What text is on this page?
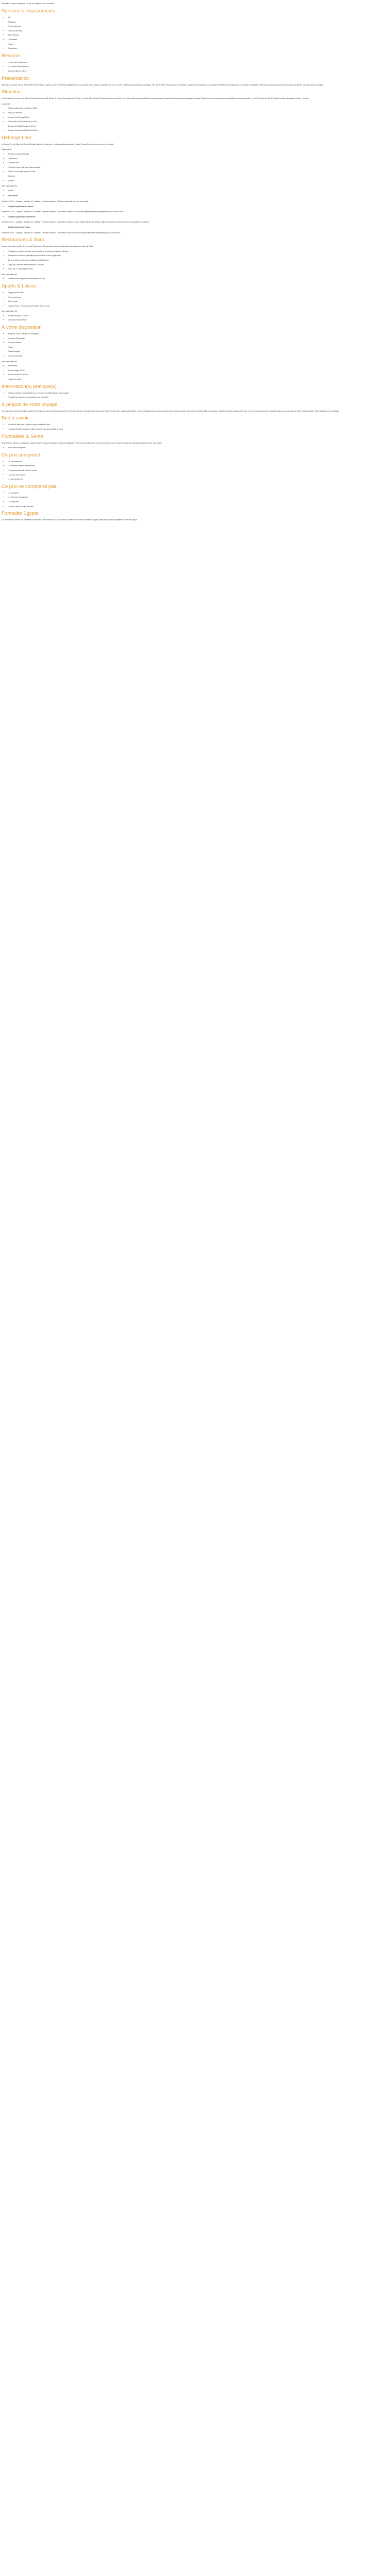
Description Ce prix comprend : Ce prix ne comprend pas Formalités

Services et équipements
• Wifi
• Restaurant
• Piscine extérieure
• Centre de bien-être
• Salle de fitness
• Club enfants
• Parking
• Climatisation
Résumé
• Le belle plus les extérieurs
• Les services haut de gamme
• Séjourner dans un hôtel 5*
Présentation

Bienvenue au Double Tree by Hilton Hotel Ras Al Khaimah ! Niché au cœur des Émirats, l'établissement vous accueille pour un séjour de luxe face à la mer. Cet hôtel 5 étoiles jouit d'une situation privilégiée entre mer et désert. Vous profiterez de chambres spacieuses et lumineuses, de restaurants raffinés et d'une plage privée. Le Double Tree by Hilton Hotel Ras Al Khaimah saura répondre à toutes vos attentes pour des vacances réussies.

Situation

L'hôtel est situé en bord de mer à Ras Al Khaimah, à environ 45 minutes de l'aéroport international de Dubaï. Le centre-ville de Ras Al Khaimah se trouve à proximité. Les environs offrent des possibilités d'excursions dans le désert et de découverte des montagnes de Hajar. Des centres commerciaux et des souks traditionnels sont accessibles en taxi. L'aéroport de Ras Al Khaimah se trouve à quelques minutes en voiture.

À proximité :

• Plage de sable privée (à partir de l'hôtel)
• Mall (à 10 minutes)
• Al Hamra Golf Club (à 15 km)
• Centre-ville de Ras Al Khaimah (à 5 km)
• Aéroport de Ras Al Khaimah (à 20 km)
• Aéroport international de Dubaï (à 80 km)
Hébergement

Le Double Tree by Hilton Hotel Ras Al Khaimah dispose de chambres et suites spacieuses au décor élégant. Toutes offrent une vue sur la mer ou le jardin.

Équipements :

• Terrasse ou balcon aménagé
• Climatisation
• Connexion Wifi
• Télévision à écran plat avec chaînes satellite
• Plateau de courtoisie avec thé et café
• Coffre-fort
• Mini-bar

Avec participation (€) :

• Minibar
• Guest Room

Superficie : 37 m² - Capacité : 3 adultes ou 2 adultes + 2 enfants maximum. Chambre confortable avec vue sur le jardin.

• Chambre Supérieure Vue Piscine

Superficie : 37 m² - Capacité : 3 adultes ou 2 adultes + 2 enfants maximum. La Chambre Supérieure Vue Piscine dispose des mêmes équipements que la Guest Room.

• Chambre Supérieure Accès Piscine

Superficie : 37 m² - Capacité : 3 adultes ou 2 adultes + 2 enfants maximum. La Chambre Supérieure Accès Piscine dispose des mêmes équipements que la Guest Room avec un accès direct à la piscine.

• Chambre Deluxe Vue Piscine

Superficie : 52 m² - Capacité : 3 adultes ou 2 adultes + 2 enfants maximum. La Chambre Deluxe Vue Piscine dispose des mêmes équipements que la Guest Room.

Restaurants & Bars

Lors de votre séjour, profitez de la formule Tout compris. Découvrez les saveurs variées dans les restaurants et bars de l'hôtel.

• Petit déjeuner, déjeuner et dîner servis sous forme de buffet au restaurant principal.
• Restaurant à la carte de spécialités (sur réservation et avec supplément).
• Bar de la piscine : boissons et collations toute la journée.
• Lobby Bar : boissons rafraîchissantes et cocktails.
• Snack-bar : en-cas salés et sucrés.

Avec participation (€) :

• Certaines boissons premium et restaurant à la carte
Sports & Loisirs
• Plage privée de sable
• Piscine extérieure
• Salle de sport
• Espace enfants : mini-club pour les enfants de 4 à 12 ans

Avec participation (€) :

• Activités nautiques : kitesurf...
• Excursions dans le désert
À votre disposition
• Réception 24h/24 - service de conciergerie
• Connexion Wifi gratuite
• Service de navette
• Parking
• Espace bagages
• Centre de bien-être

Avec participation (€) :

• Blanchisserie
• Service d'étage 24h/24
• Soins au centre de bien-être
• Location de voiture
Information(s) pratique(s)
• Certaines chambres sont adaptées aux personnes à mobilité réduite (sur demande).
• Possibilité de chambres communicantes (sur demande).
À propos de votre voyage

Vous disposerez de votre chambre à partir de 14h le jour de votre arrivée et jusqu'à 12h le jour de votre départ. Le transfert entre l'aéroport et l'hôtel est inclus. Des frais supplémentaires peuvent s'appliquer pour un check-in anticipé ou un check-out tardif, sous réserve de disponibilité. Une caution peut être demandée à votre arrivée pour couvrir les dépenses annexes. Les informations sur les services de l'hôtel sont susceptibles d'être modifiées par le prestataire.

Bon à savoir
• Une taxe de séjour est à régler sur place auprès de l'hôtel.
• Formalités d'entrée : passeport valide plus de 6 mois après la date de retour.
Formalités & Santé

Ressortissants français : un passeport valable plus de 6 mois après la date de retour est obligatoire. Pour les autres nationalités, nous vous invitons à vous renseigner auprès des autorités compétentes avant votre départ.

• Aucun vaccin obligatoire.
Ce prix comprend
• Les vols aller/retour
• Les transferts aéroport/hôtel/aéroport
• L'hébergement dans la chambre choisie
• La formule Tout compris
• Les taxes d'aéroport
Ce prix ne comprend pas
• Les assurances
• Les dépenses personnelles
• Les pourboires
• La taxe de séjour à régler sur place
Formalité Egypte

Les informations relatives aux formalités sont données à titre indicatif. Nous vous invitons à vérifier les conditions d'entrée en vigueur auprès des autorités compétentes avant votre départ.
